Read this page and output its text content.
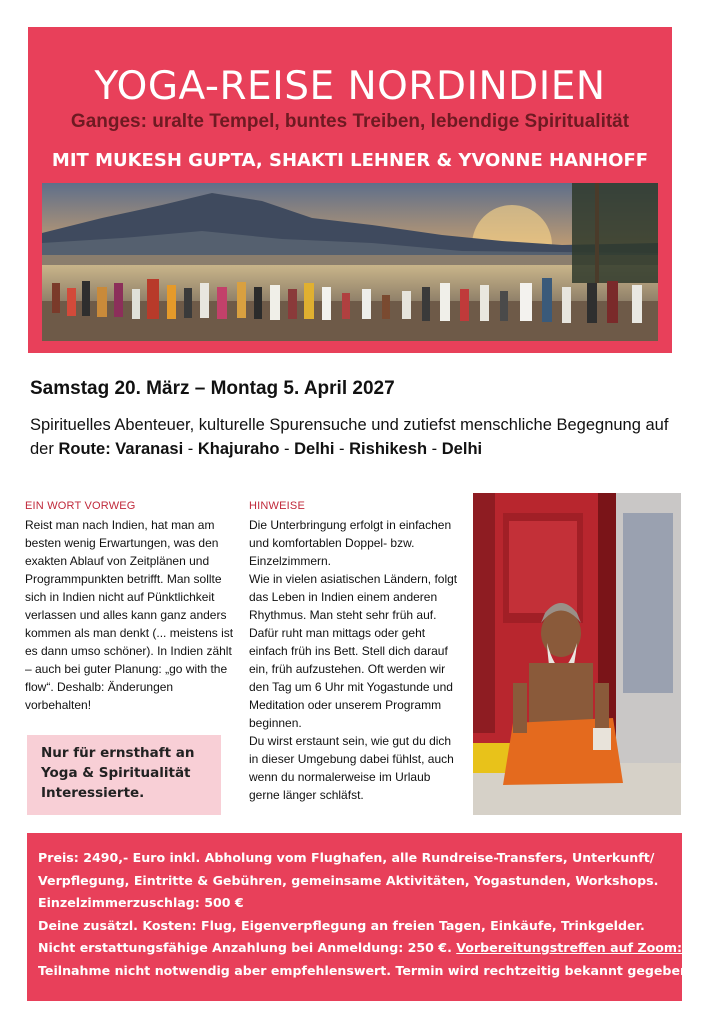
YOGA-REISE NORDINDIEN
Ganges: uralte Tempel, buntes Treiben, lebendige Spiritualität
MIT MUKESH GUPTA, SHAKTI LEHNER & YVONNE HANHOFF
Samstag 20. März – Montag 5. April 2027
Spirituelles Abenteuer, kulturelle Spurensuche und zutiefst menschliche Begegnung auf der Route: Varanasi - Khajuraho - Delhi - Rishikesh - Delhi
EIN WORT VORWEG
Reist man nach Indien, hat man am besten wenig Erwartungen, was den exakten Ablauf von Zeitplänen und Programmpunkten betrifft. Man sollte sich in Indien nicht auf Pünktlichkeit verlassen und alles kann ganz anders kommen als man denkt (... meistens ist es dann umso schöner). In Indien zählt – auch bei guter Planung: „go with the flow“. Deshalb: Änderungen vorbehalten!
HINWEISE
Die Unterbringung erfolgt in einfachen und komfortablen Doppel- bzw. Einzelzimmern.
Wie in vielen asiatischen Ländern, folgt das Leben in Indien einem anderen Rhythmus. Man steht sehr früh auf. Dafür ruht man mittags oder geht einfach früh ins Bett. Stell dich darauf ein, früh aufzustehen. Oft werden wir den Tag um 6 Uhr mit Yogastunde und Meditation oder unserem Programm beginnen.
Du wirst erstaunt sein, wie gut du dich in dieser Umgebung dabei fühlst, auch wenn du normalerweise im Urlaub gerne länger schläfst.
Nur für ernsthaft an Yoga & Spiritualität Interessierte.
Preis: 2490,- Euro inkl. Abholung vom Flughafen, alle Rundreise-Transfers, Unterkunft/
Verpflegung, Eintritte & Gebühren, gemeinsame Aktivitäten, Yogastunden, Workshops.
Einzelzimmerzuschlag: 500 €
Deine zusätzl. Kosten: Flug, Eigenverpflegung an freien Tagen, Einkäufe, Trinkgelder.
Nicht erstattungsfähige Anzahlung bei Anmeldung: 250 €. Vorbereitungstreffen auf Zoom:
Teilnahme nicht notwendig aber empfehlenswert. Termin wird rechtzeitig bekannt gegeben.
